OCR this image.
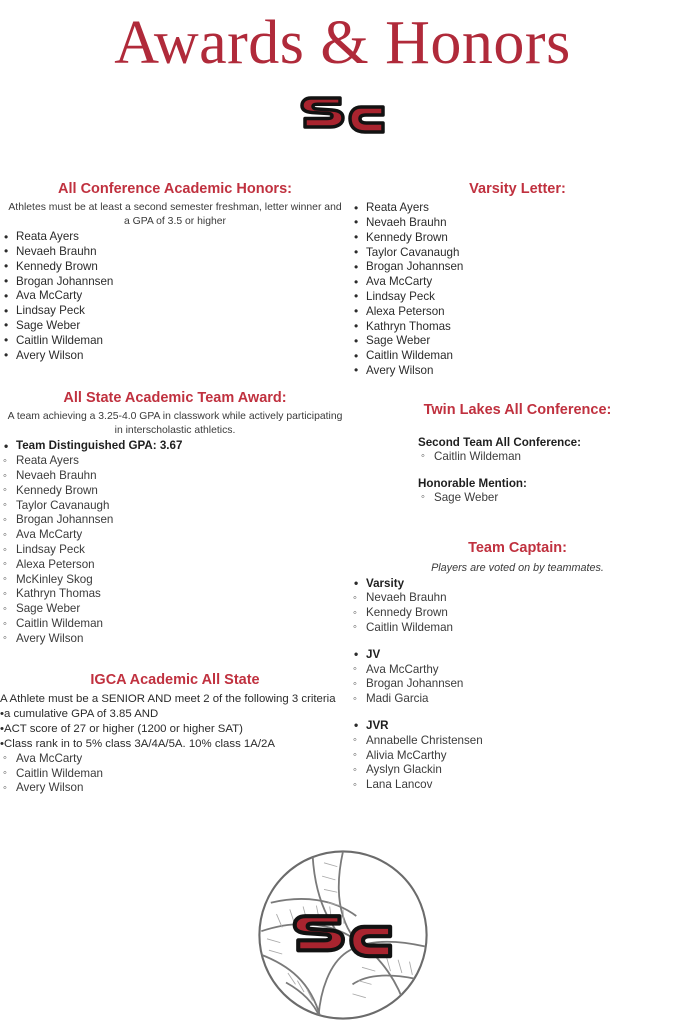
Awards & Honors
All Conference Academic Honors:

Athletes must be at least a second semester freshman, letter winner and a GPA of 3.5 or higher

• Reata Ayers
• Nevaeh Brauhn
• Kennedy Brown
• Brogan Johannsen
• Ava McCarty
• Lindsay Peck
• Sage Weber
• Caitlin Wildeman
• Avery Wilson
All State Academic Team Award:

A team achieving a 3.25-4.0 GPA in classwork while actively participating in interscholastic athletics.

• Team Distinguished GPA: 3.67
◦ Reata Ayers
◦ Nevaeh Brauhn
◦ Kennedy Brown
◦ Taylor Cavanaugh
◦ Brogan Johannsen
◦ Ava McCarty
◦ Lindsay Peck
◦ Alexa Peterson
◦ McKinley Skog
◦ Kathryn Thomas
◦ Sage Weber
◦ Caitlin Wildeman
◦ Avery Wilson
IGCA Academic All State

A Athlete must be a SENIOR AND meet 2 of the following 3 criteria

•a cumulative GPA of 3.85 AND

•ACT score of 27 or higher (1200 or higher SAT)

•Class rank in to 5% class 3A/4A/5A. 10% class 1A/2A

◦ Ava McCarty
◦ Caitlin Wildeman
◦ Avery Wilson
Varsity Letter:
• Reata Ayers
• Nevaeh Brauhn
• Kennedy Brown
• Taylor Cavanaugh
• Brogan Johannsen
• Ava McCarty
• Lindsay Peck
• Alexa Peterson
• Kathryn Thomas
• Sage Weber
• Caitlin Wildeman
• Avery Wilson
Twin Lakes All Conference:
Second Team All Conference:
◦ Caitlin Wildeman
Honorable Mention:
◦ Sage Weber
Team Captain:

Players are voted on by teammates.

• Varsity
◦ Nevaeh Brauhn
◦ Kennedy Brown
◦ Caitlin Wildeman
• JV
◦ Ava McCarthy
◦ Brogan Johannsen
◦ Madi Garcia
• JVR
◦ Annabelle Christensen
◦ Alivia McCarthy
◦ Ayslyn Glackin
◦ Lana Lancov
